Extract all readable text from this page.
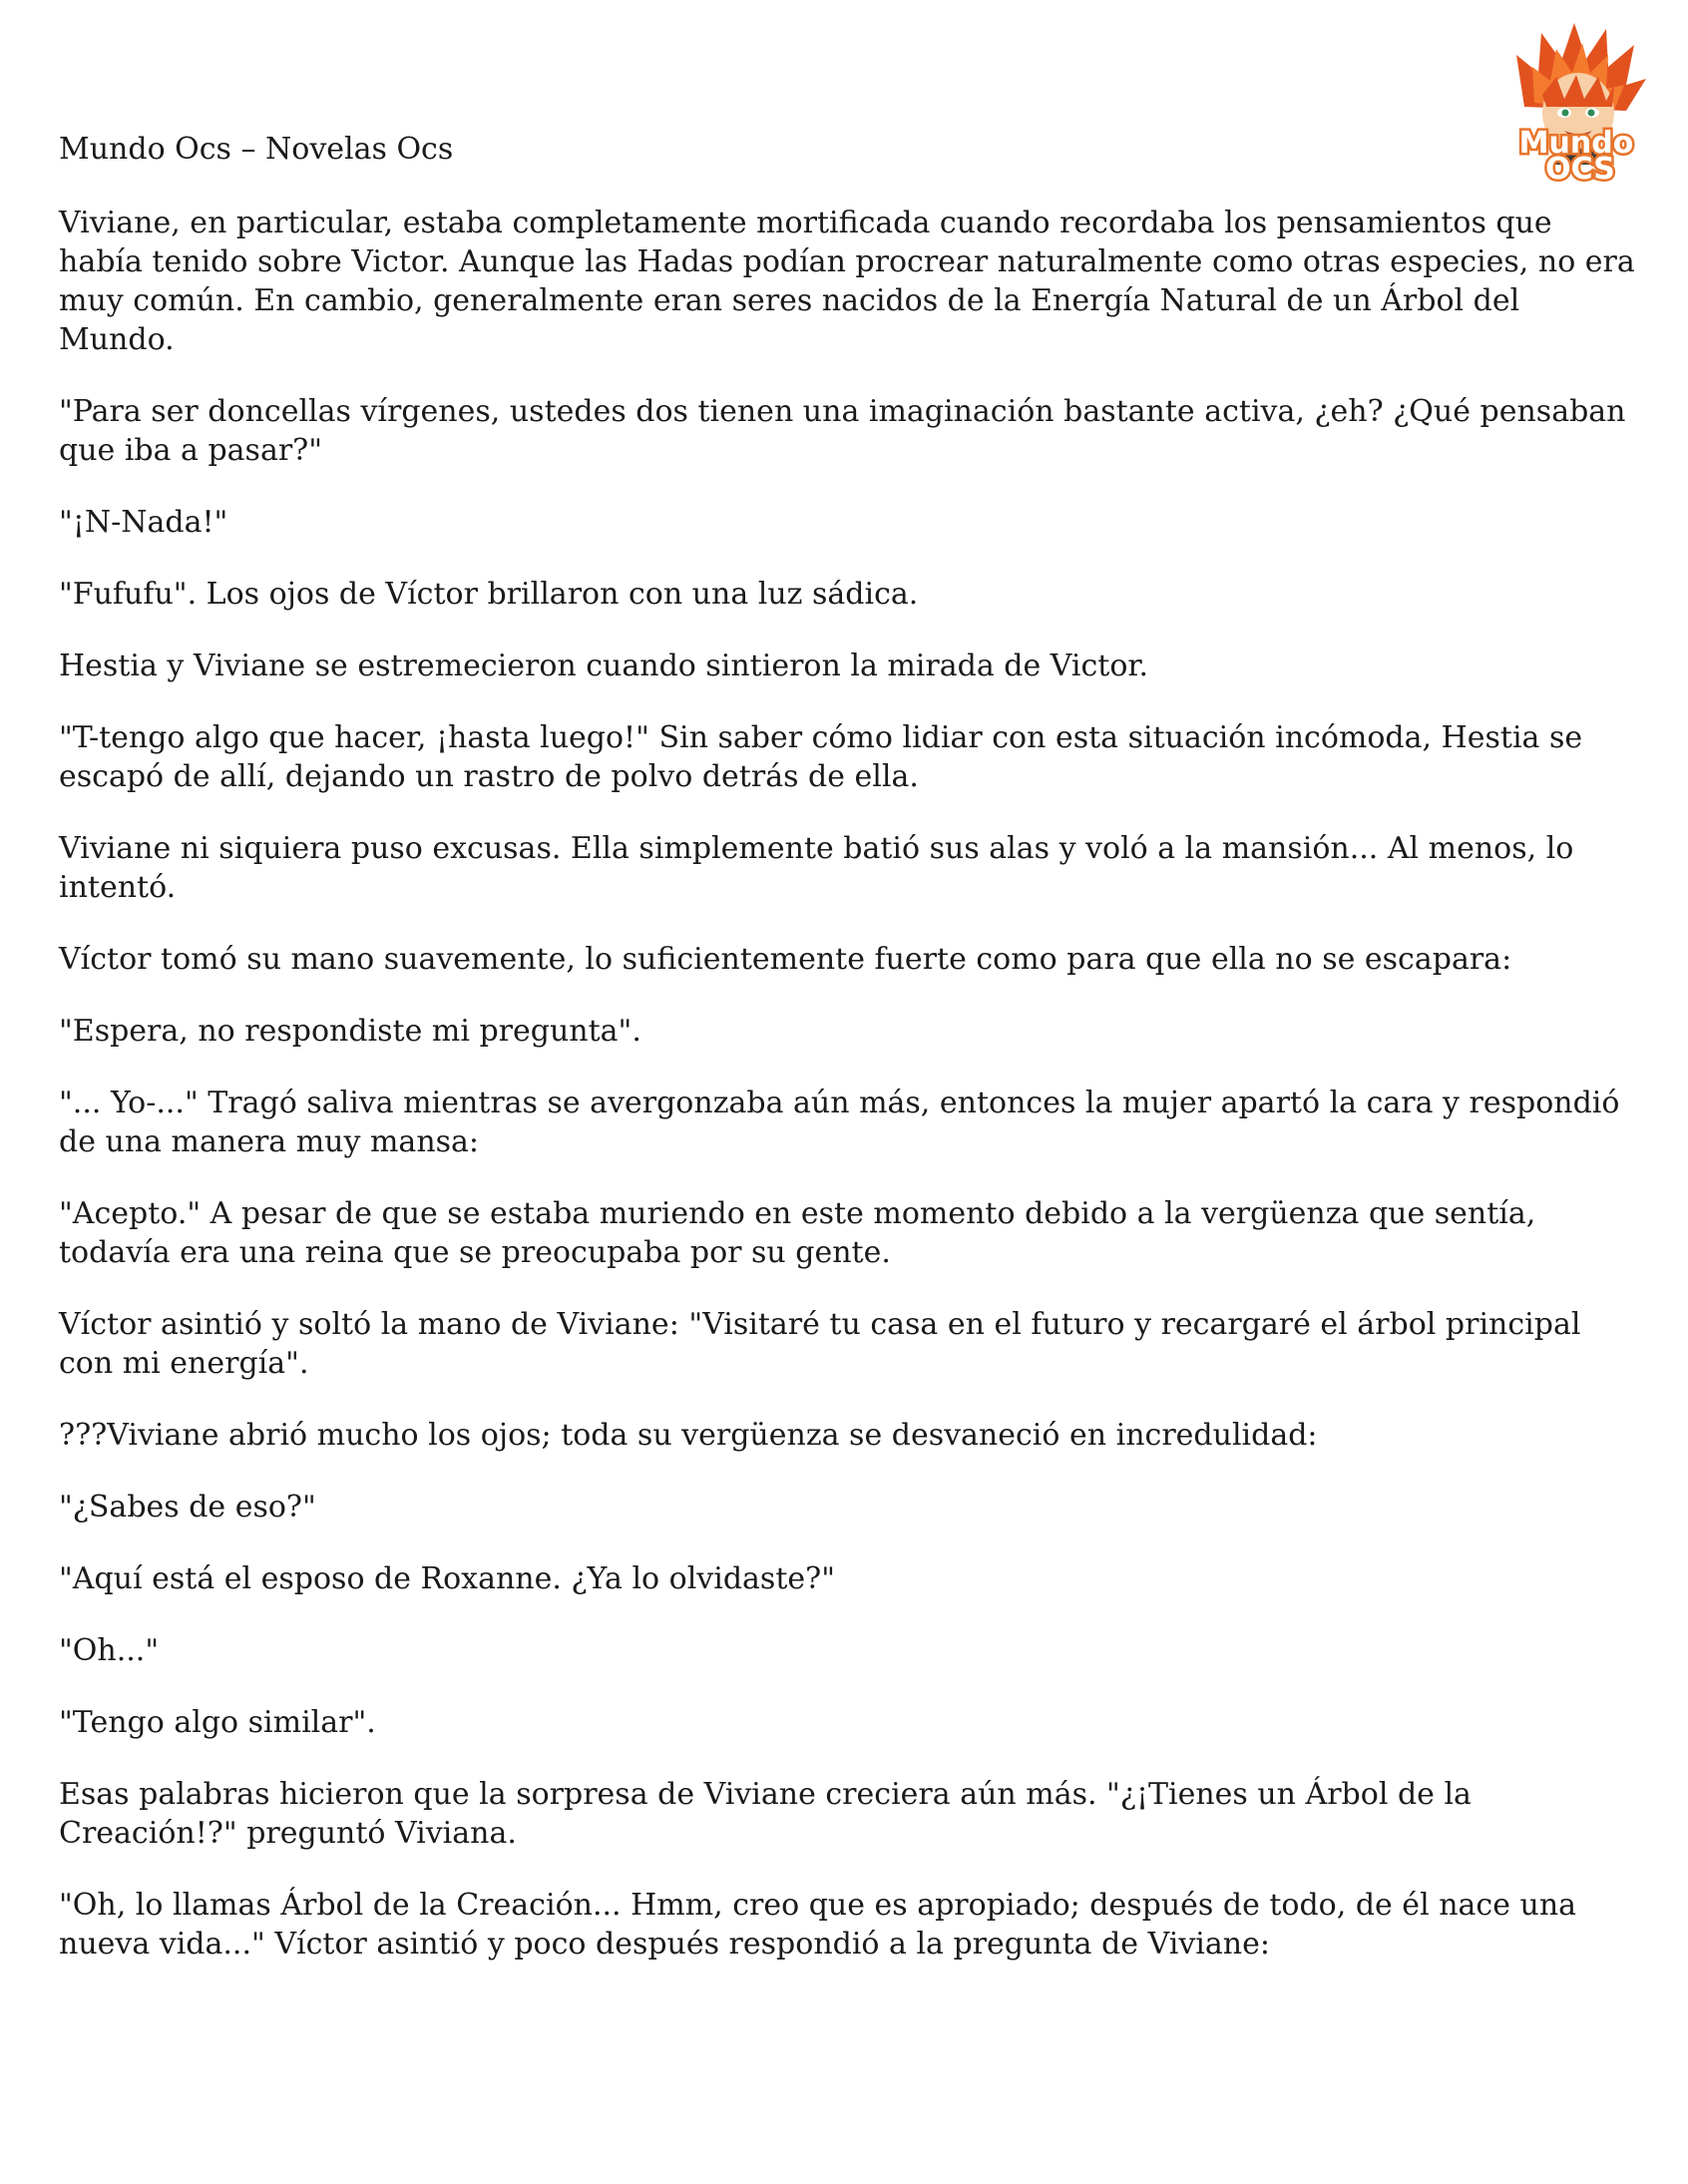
Mundo Ocs – Novelas Ocs	Mundo
OCS

Viviane, en particular, estaba completamente mortificada cuando recordaba los pensamientos que había tenido sobre Victor. Aunque las Hadas podían procrear naturalmente como otras especies, no era muy común. En cambio, generalmente eran seres nacidos de la Energía Natural de un Árbol del Mundo.

"Para ser doncellas vírgenes, ustedes dos tienen una imaginación bastante activa, ¿eh? ¿Qué pensaban que iba a pasar?"

"¡N-Nada!"

"Fufufu". Los ojos de Víctor brillaron con una luz sádica.

Hestia y Viviane se estremecieron cuando sintieron la mirada de Victor.

"T-tengo algo que hacer, ¡hasta luego!" Sin saber cómo lidiar con esta situación incómoda, Hestia se escapó de allí, dejando un rastro de polvo detrás de ella.

Viviane ni siquiera puso excusas. Ella simplemente batió sus alas y voló a la mansión... Al menos, lo intentó.

Víctor tomó su mano suavemente, lo suficientemente fuerte como para que ella no se escapara:

"Espera, no respondiste mi pregunta".

"... Yo-..." Tragó saliva mientras se avergonzaba aún más, entonces la mujer apartó la cara y respondió de una manera muy mansa:

"Acepto." A pesar de que se estaba muriendo en este momento debido a la vergüenza que sentía, todavía era una reina que se preocupaba por su gente.

Víctor asintió y soltó la mano de Viviane: "Visitaré tu casa en el futuro y recargaré el árbol principal con mi energía".

???Viviane abrió mucho los ojos; toda su vergüenza se desvaneció en incredulidad:

"¿Sabes de eso?"

"Aquí está el esposo de Roxanne. ¿Ya lo olvidaste?"

"Oh..."

"Tengo algo similar".

Esas palabras hicieron que la sorpresa de Viviane creciera aún más. "¿¡Tienes un Árbol de la Creación!?" preguntó Viviana.

"Oh, lo llamas Árbol de la Creación... Hmm, creo que es apropiado; después de todo, de él nace una nueva vida..." Víctor asintió y poco después respondió a la pregunta de Viviane:
